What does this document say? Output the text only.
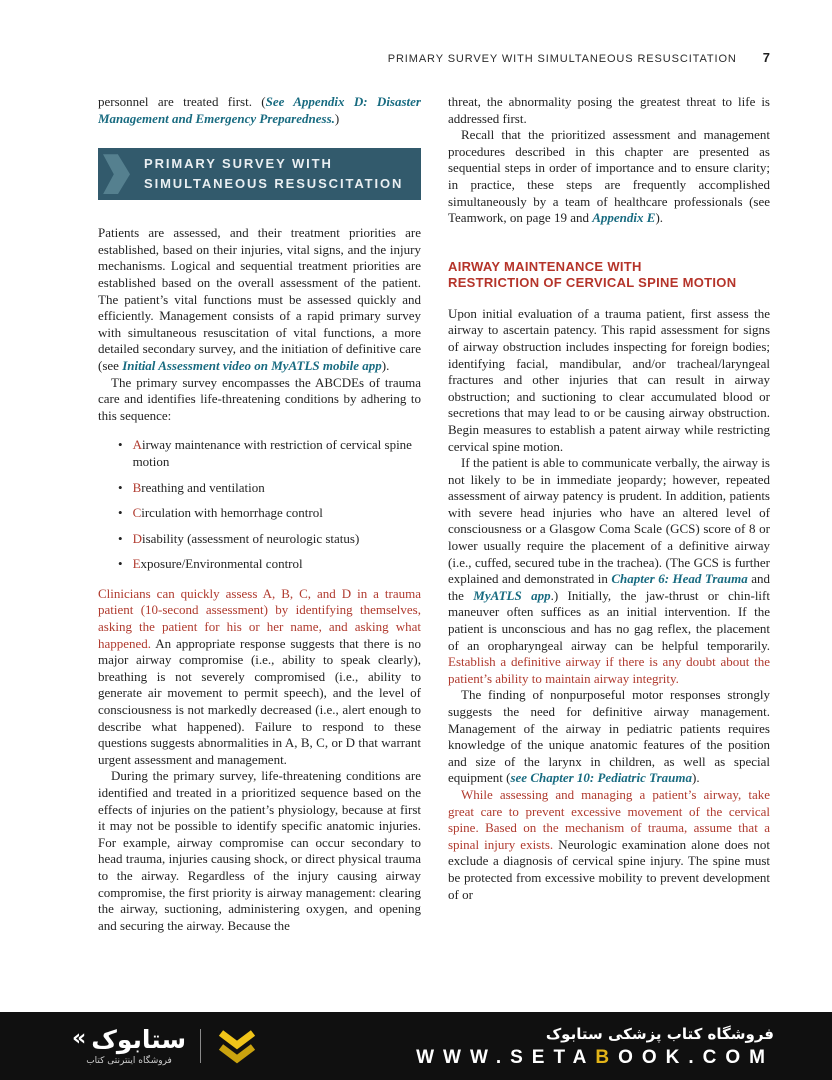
PRIMARY SURVEY WITH SIMULTANEOUS RESUSCITATION 7

personnel are treated first. (See Appendix D: Disaster Management and Emergency Preparedness.)

PRIMARY SURVEY WITH
SIMULTANEOUS RESUSCITATION

Patients are assessed, and their treatment priorities are established, based on their injuries, vital signs, and the injury mechanisms. Logical and sequential treatment priorities are established based on the overall assessment of the patient. The patient’s vital functions must be assessed quickly and efficiently. Management consists of a rapid primary survey with simultaneous resuscitation of vital functions, a more detailed secondary survey, and the initiation of definitive care (see Initial Assessment video on MyATLS mobile app).

The primary survey encompasses the ABCDEs of trauma care and identifies life-threatening conditions by adhering to this sequence:

•
Airway maintenance with restriction of cervical spine motion
•
Breathing and ventilation
•
Circulation with hemorrhage control
•
Disability (assessment of neurologic status)
•
Exposure/Environmental control

Clinicians can quickly assess A, B, C, and D in a trauma patient (10-second assessment) by identifying themselves, asking the patient for his or her name, and asking what happened. An appropriate response suggests that there is no major airway compromise (i.e., ability to speak clearly), breathing is not severely compromised (i.e., ability to generate air movement to permit speech), and the level of consciousness is not markedly decreased (i.e., alert enough to describe what happened). Failure to respond to these questions suggests abnormalities in A, B, C, or D that warrant urgent assessment and management.

During the primary survey, life-threatening conditions are identified and treated in a prioritized sequence based on the effects of injuries on the patient’s physiology, because at first it may not be possible to identify specific anatomic injuries. For example, airway compromise can occur secondary to head trauma, injuries causing shock, or direct physical trauma to the airway. Regardless of the injury causing airway compromise, the first priority is airway management: clearing the airway, suctioning, administering oxygen, and opening and securing the airway. Because the

threat, the abnormality posing the greatest threat to life is addressed first.

Recall that the prioritized assessment and management procedures described in this chapter are presented as sequential steps in order of importance and to ensure clarity; in practice, these steps are frequently accomplished simultaneously by a team of healthcare professionals (see Teamwork, on page 19 and Appendix E).

AIRWAY MAINTENANCE WITH
RESTRICTION OF CERVICAL SPINE MOTION

Upon initial evaluation of a trauma patient, first assess the airway to ascertain patency. This rapid assessment for signs of airway obstruction includes inspecting for foreign bodies; identifying facial, mandibular, and/or tracheal/laryngeal fractures and other injuries that can result in airway obstruction; and suctioning to clear accumulated blood or secretions that may lead to or be causing airway obstruction. Begin measures to establish a patent airway while restricting cervical spine motion.

If the patient is able to communicate verbally, the airway is not likely to be in immediate jeopardy; however, repeated assessment of airway patency is prudent. In addition, patients with severe head injuries who have an altered level of consciousness or a Glasgow Coma Scale (GCS) score of 8 or lower usually require the placement of a definitive airway (i.e., cuffed, secured tube in the trachea). (The GCS is further explained and demonstrated in Chapter 6: Head Trauma and the MyATLS app.) Initially, the jaw-thrust or chin-lift maneuver often suffices as an initial intervention. If the patient is unconscious and has no gag reflex, the placement of an oropharyngeal airway can be helpful temporarily. Establish a definitive airway if there is any doubt about the patient’s ability to maintain airway integrity.

The finding of nonpurposeful motor responses strongly suggests the need for definitive airway management. Management of the airway in pediatric patients requires knowledge of the unique anatomic features of the position and size of the larynx in children, as well as special equipment (see Chapter 10: Pediatric Trauma).

While assessing and managing a patient’s airway, take great care to prevent excessive movement of the cervical spine. Based on the mechanism of trauma, assume that a spinal injury exists. Neurologic examination alone does not exclude a diagnosis of cervical spine injury. The spine must be protected from excessive mobility to prevent development of or

« ستابوک
فروشگاه اینترنتی کتاب
فروشگاه کتاب پزشکی ستابوک
WWW.SETABOOK.COM
